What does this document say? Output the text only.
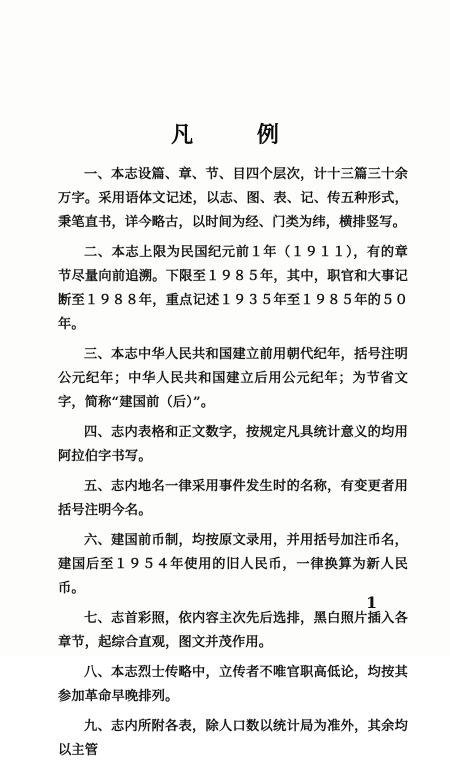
凡 例

一、本志设篇、章、节、目四个层次，计十三篇三十余万字。采用语体文记述，以志、图、表、记、传五种形式，秉笔直书，详今略古，以时间为经、门类为纬，横排竖写。

二、本志上限为民国纪元前１年（１９１１），有的章节尽量向前追溯。下限至１９８５年，其中，职官和大事记断至１９８８年，重点记述１９３５年至１９８５年的５０年。

三、本志中华人民共和国建立前用朝代纪年，括号注明公元纪年；中华人民共和国建立后用公元纪年；为节省文字，简称“建国前（后）”。

四、志内表格和正文数字，按规定凡具统计意义的均用阿拉伯字书写。

五、志内地名一律采用事件发生时的名称，有变更者用括号注明今名。

六、建国前币制，均按原文录用，并用括号加注币名，建国后至１９５４年使用的旧人民币，一律换算为新人民币。

七、志首彩照，依内容主次先后选排，黑白照片插入各章节，起综合直观，图文并茂作用。

八、本志烈士传略中，立传者不唯官职高低论，均按其参加革命早晚排列。

九、志内所附各表，除人口数以统计局为准外，其余均以主管

1
